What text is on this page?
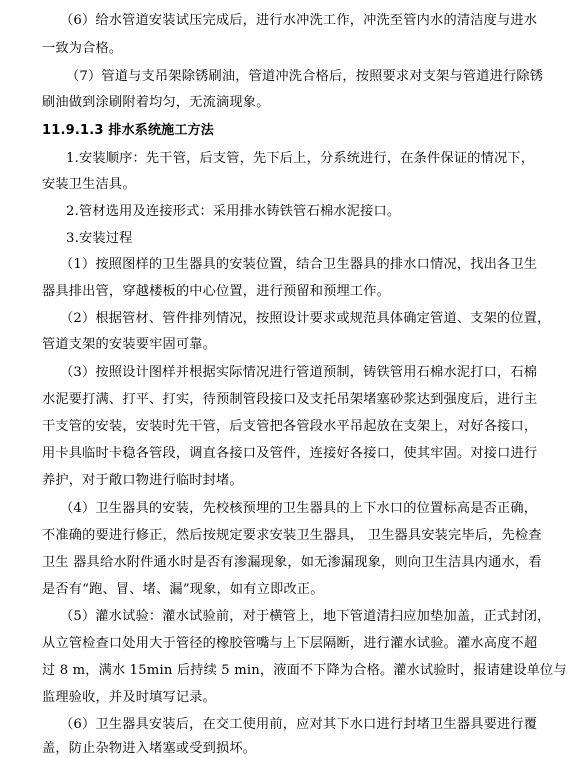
（6）给水管道安装试压完成后，进行水冲洗工作，冲洗至管内水的清洁度与进水
一致为合格。
（7）管道与支吊架除锈刷油，管道冲洗合格后，按照要求对支架与管道进行除锈
刷油做到涂刷附着均匀，无流滴现象。
11.9.1.3 排水系统施工方法
1.安装顺序：先干管，后支管，先下后上，分系统进行，在条件保证的情况下，
安装卫生洁具。
2.管材选用及连接形式：采用排水铸铁管石棉水泥接口。
3.安装过程
（1）按照图样的卫生器具的安装位置，结合卫生器具的排水口情况，找出各卫生
器具排出管，穿越楼板的中心位置，进行预留和预埋工作。
（2）根据管材、管件排列情况，按照设计要求或规范具体确定管道、支架的位置，
管道支架的安装要牢固可靠。
（3）按照设计图样并根据实际情况进行管道预制，铸铁管用石棉水泥打口，石棉
水泥要打满、打平、打实，待预制管段接口及支托吊架堵塞砂浆达到强度后，进行主
干支管的安装，安装时先干管，后支管把各管段水平吊起放在支架上，对好各接口，
用卡具临时卡稳各管段，调直各接口及管件，连接好各接口，使其牢固。对接口进行
养护，对于敞口物进行临时封堵。
（4）卫生器具的安装，先校核预埋的卫生器具的上下水口的位置标高是否正确，
不准确的要进行修正，然后按规定要求安装卫生器具， 卫生器具安装完毕后，先检查
卫生 器具给水附件通水时是否有渗漏现象，如无渗漏现象，则向卫生洁具内通水，看
是否有“跑、冒、堵、漏”现象，如有立即改正。
（5）灌水试验：灌水试验前，对于横管上，地下管道清扫应加垫加盖，正式封闭，
从立管检查口处用大于管径的橡胶管嘴与上下层隔断，进行灌水试验。灌水高度不超
过 8 m，满水 15min 后持续 5 min，液面不下降为合格。灌水试验时，报请建设单位与
监理验收，并及时填写记录。
（6）卫生器具安装后，在交工使用前，应对其下水口进行封堵卫生器具要进行覆
盖，防止杂物进入堵塞或受到损坏。
